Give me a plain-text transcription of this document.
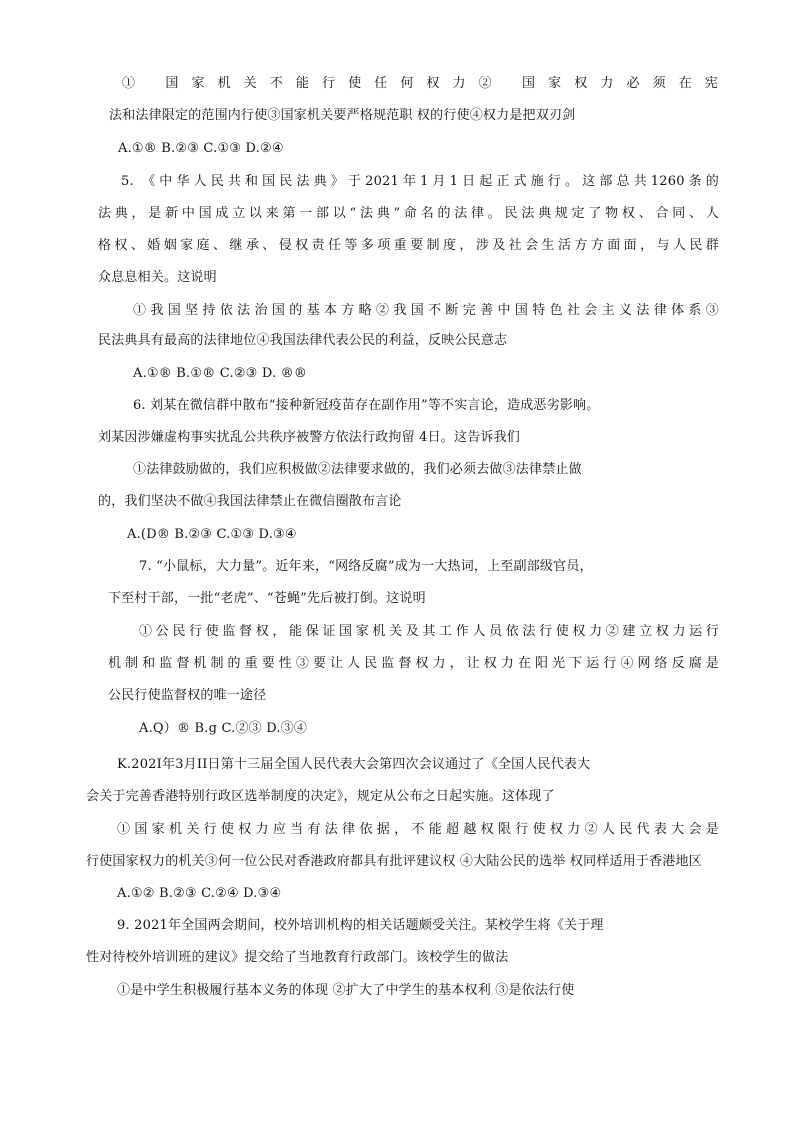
① 国家机关不能行使任何权力② 国家权力必须在宪
法和法律限定的范围内行使③国家机关要严格规范职 权的行使④权力是把双刃剑
A.①® B.②③ C.①③ D.②④
5. 《中华人民共和国民法典》于2021年1月1日起正式施行。这部总共1260条的
法典，是新中国成立以来第一部以“法典”命名的法律。民法典规定了物权、合同、人
格权、婚姻家庭、继承、侵权责任等多项重要制度，涉及社会生活方方面面，与人民群
众息息相关。这说明
①我国坚持依法治国的基本方略②我国不断完善中国特色社会主义法律体系③
民法典具有最高的法律地位④我国法律代表公民的利益，反映公民意志
A.①® B.①® C.②③ D. ®®
6. 刘某在微信群中散布“接种新冠疫苗存在副作用”等不实言论，造成恶劣影响。
刘某因涉嫌虚构事实扰乱公共秩序被警方依法行政拘留 4日。这告诉我们
①法律鼓励做的，我们应积极做②法律要求做的，我们必须去做③法律禁止做
的，我们坚决不做④我国法律禁止在微信圈散布言论
A.(D® B.②③ C.①③ D.③④
7. “小鼠标，大力量”。近年来，“网络反腐”成为一大热词，上至副部级官员，
下至村干部，一批“老虎”、“苍蝇”先后被打倒。这说明
①公民行使监督权，能保证国家机关及其工作人员依法行使权力②建立权力运行
机制和监督机制的重要性③要让人民监督权力，让权力在阳光下运行④网络反腐是
公民行使监督权的唯一途径
A.Q）® B.g C.②③ D.③④
K.202I年3月II日第十三届全国人民代表大会第四次会议通过了《全国人民代表大
会关于完善香港特别行政区选举制度的决定》，规定从公布之日起实施。这体现了
①国家机关行使权力应当有法律依据，不能超越权限行使权力②人民代表大会是
行使国家权力的机关③何一位公民对香港政府都具有批评建议权 ④大陆公民的选举 权同样适用于香港地区
A.①② B.②③ C.②④ D.③④
9. 2021年全国两会期间，校外培训机构的相关话题颇受关注。某校学生将《关于理
性对待校外培训班的建议》提交给了当地教育行政部门。该校学生的做法
①是中学生积极履行基本义务的体现 ②扩大了中学生的基本权利 ③是依法行使
